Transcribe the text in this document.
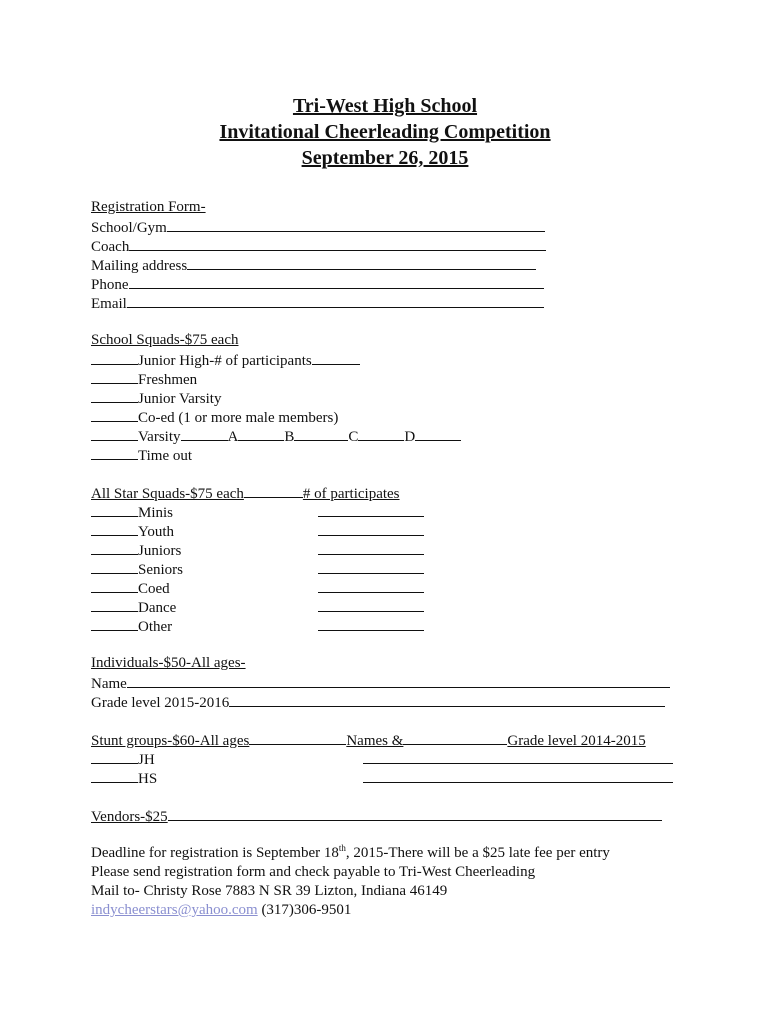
Tri-West High School
Invitational Cheerleading Competition
September 26, 2015
Registration Form-
School/Gym
Coach
Mailing address
Phone
Email
School Squads-$75 each
Junior High-# of participants
Freshmen
Junior Varsity
Co-ed (1 or more male members)
Varsity	A	B	C	D
Time out
All Star Squads-$75 each	# of participates
Minis
Youth
Juniors
Seniors
Coed
Dance
Other
Individuals-$50-All ages-
Name
Grade level 2015-2016
Stunt groups-$60-All ages	Names &	Grade level 2014-2015
JH
HS
Vendors-$25
Deadline for registration is September 18th, 2015-There will be a $25 late fee per entry
Please send registration form and check payable to Tri-West Cheerleading
Mail to- Christy Rose 7883 N SR 39 Lizton, Indiana 46149
indycheerstars@yahoo.com (317)306-9501
